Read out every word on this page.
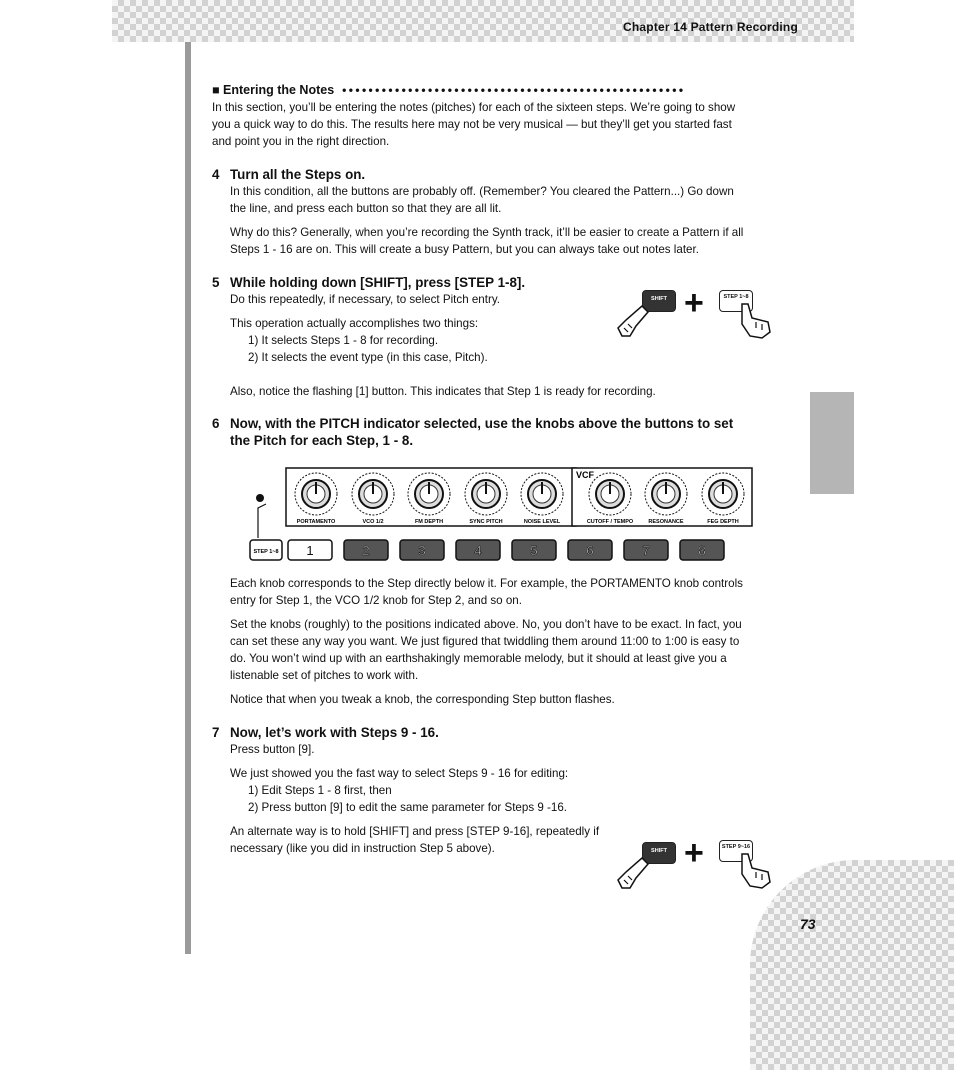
Chapter 14 Pattern Recording
73
■ Entering the Notes ••••••••••••••••••••••••••••••••••••••••••••••••••••

In this section, you’ll be entering the notes (pitches) for each of the sixteen steps. We’re going to show you a quick way to do this. The results here may not be very musical — but they’ll get you started fast and point you in the right direction.

4 Turn all the Steps on.

In this condition, all the buttons are probably off. (Remember? You cleared the Pattern...) Go down the line, and press each button so that they are all lit.

Why do this? Generally, when you’re recording the Synth track, it’ll be easier to create a Pattern if all Steps 1 - 16 are on. This will create a busy Pattern, but you can always take out notes later.

5 While holding down [SHIFT], press [STEP 1-8].

Do this repeatedly, if necessary, to select Pitch entry.

This operation actually accomplishes two things:

1) It selects Steps 1 - 8 for recording.

2) It selects the event type (in this case, Pitch).

Also, notice the flashing [1] button. This indicates that Step 1 is ready for recording.

6 Now, with the PITCH indicator selected, use the knobs above the buttons to set the Pitch for each Step, 1 - 8.

Each knob corresponds to the Step directly below it. For example, the PORTAMENTO knob controls entry for Step 1, the VCO 1/2 knob for Step 2, and so on.

Set the knobs (roughly) to the positions indicated above. No, you don’t have to be exact. In fact, you can set these any way you want. We just figured that twiddling them around 11:00 to 1:00 is easy to do. You won’t wind up with an earthshakingly memorable melody, but it should at least give you a listenable set of pitches to work with.

Notice that when you tweak a knob, the corresponding Step button flashes.

7 Now, let’s work with Steps 9 - 16.

Press button [9].

We just showed you the fast way to select Steps 9 - 16 for editing:

1) Edit Steps 1 - 8 first, then

2) Press button [9] to edit the same parameter for Steps 9 -16.

An alternate way is to hold [SHIFT] and press [STEP 9-16], repeatedly if necessary (like you did in instruction Step 5 above).

SHIFT +	STEP 1~8
SHIFT +	STEP 9~16
VCF
PORTAMENTO	VCO 1/2	FM DEPTH	SYNC PITCH	NOISE LEVEL	CUTOFF / TEMPO	RESONANCE	FEG DEPTH
STEP 1~8 1	2	3	4	5	6	7	8
